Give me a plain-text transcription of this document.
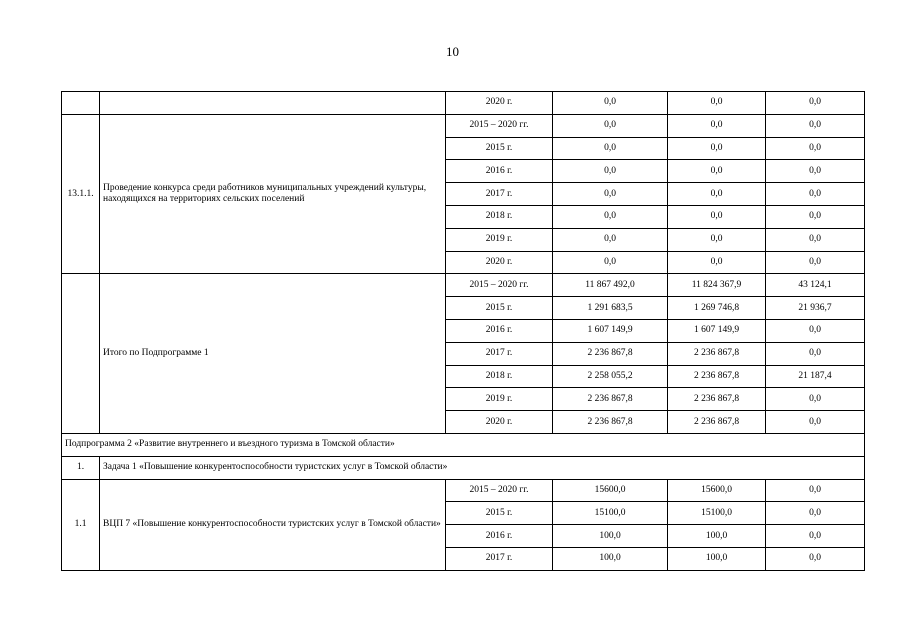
10
		2020 г.	0,0	0,0	0,0
13.1.1.	Проведение конкурса среди работников муниципальных учреждений культуры, находящихся на территориях сельских поселений	2015 – 2020 гг.	0,0	0,0	0,0
		2015 г.	0,0	0,0	0,0
		2016 г.	0,0	0,0	0,0
		2017 г.	0,0	0,0	0,0
		2018 г.	0,0	0,0	0,0
		2019 г.	0,0	0,0	0,0
		2020 г.	0,0	0,0	0,0
	Итого по Подпрограмме 1	2015 – 2020 гг.	11 867 492,0	11 824 367,9	43 124,1
		2015 г.	1 291 683,5	1 269 746,8	21 936,7
		2016 г.	1 607 149,9	1 607 149,9	0,0
		2017 г.	2 236 867,8	2 236 867,8	0,0
		2018 г.	2 258 055,2	2 236 867,8	21 187,4
		2019 г.	2 236 867,8	2 236 867,8	0,0
		2020 г.	2 236 867,8	2 236 867,8	0,0
Подпрограмма 2 «Развитие внутреннего и въездного туризма в Томской области»					
1.	Задача 1 «Повышение конкурентоспособности туристских услуг в Томской области»				
1.1	ВЦП 7 «Повышение конкурентоспособности туристских услуг в Томской области»	2015 – 2020 гг.	15600,0	15600,0	0,0
		2015 г.	15100,0	15100,0	0,0
		2016 г.	100,0	100,0	0,0
		2017 г.	100,0	100,0	0,0
